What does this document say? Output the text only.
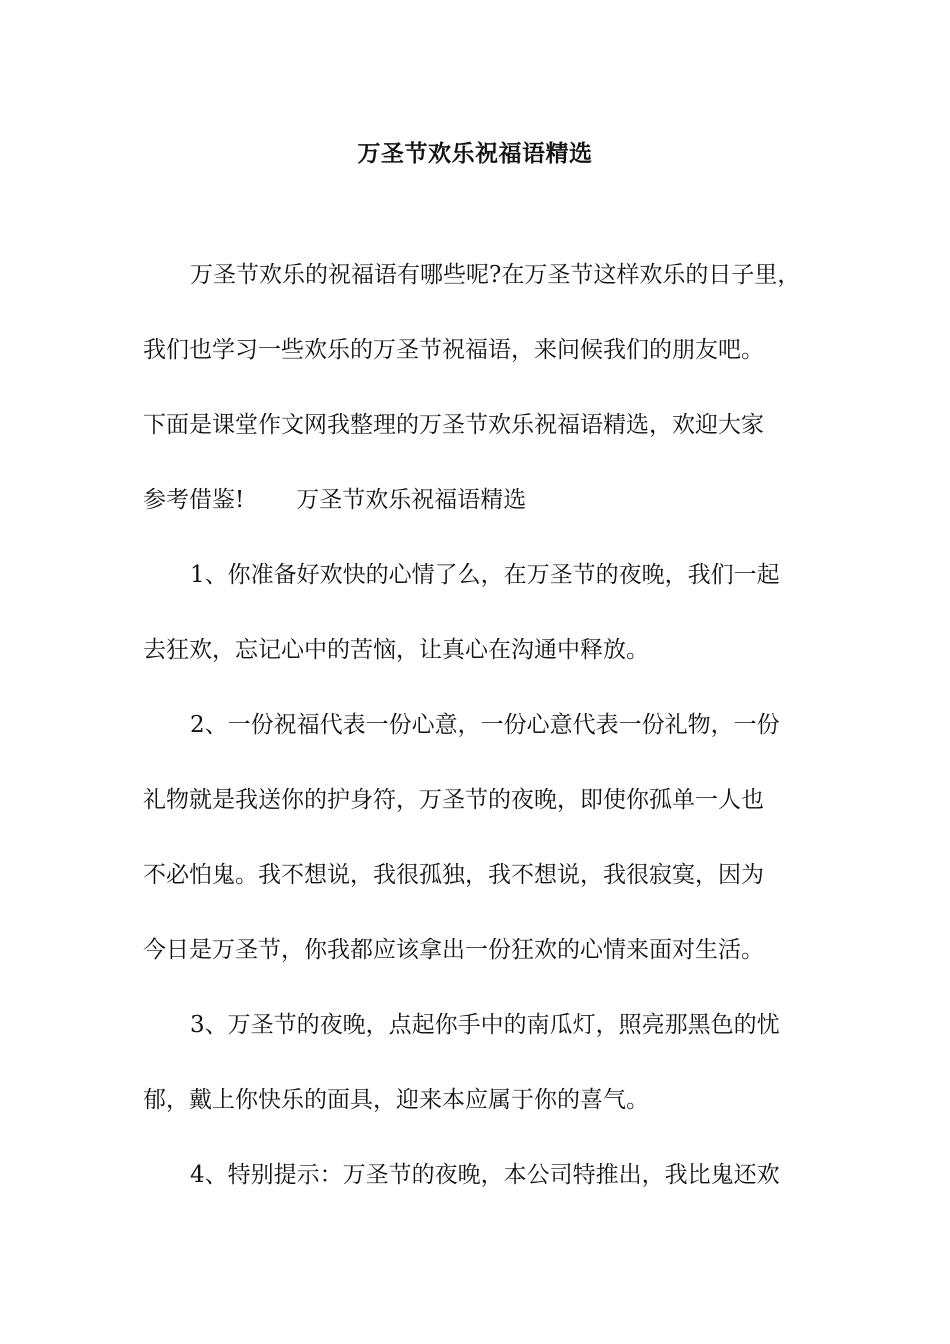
万圣节欢乐祝福语精选
万圣节欢乐的祝福语有哪些呢?在万圣节这样欢乐的日子里，
我们也学习一些欢乐的万圣节祝福语，来问候我们的朋友吧。
下面是课堂作文网我整理的万圣节欢乐祝福语精选，欢迎大家
参考借鉴! 万圣节欢乐祝福语精选
1、你准备好欢快的心情了么，在万圣节的夜晚，我们一起
去狂欢，忘记心中的苦恼，让真心在沟通中释放。
2、一份祝福代表一份心意，一份心意代表一份礼物，一份
礼物就是我送你的护身符，万圣节的夜晚，即使你孤单一人也
不必怕鬼。我不想说，我很孤独，我不想说，我很寂寞，因为
今日是万圣节，你我都应该拿出一份狂欢的心情来面对生活。
3、万圣节的夜晚，点起你手中的南瓜灯，照亮那黑色的忧
郁，戴上你快乐的面具，迎来本应属于你的喜气。
4、特别提示：万圣节的夜晚，本公司特推出，我比鬼还欢
